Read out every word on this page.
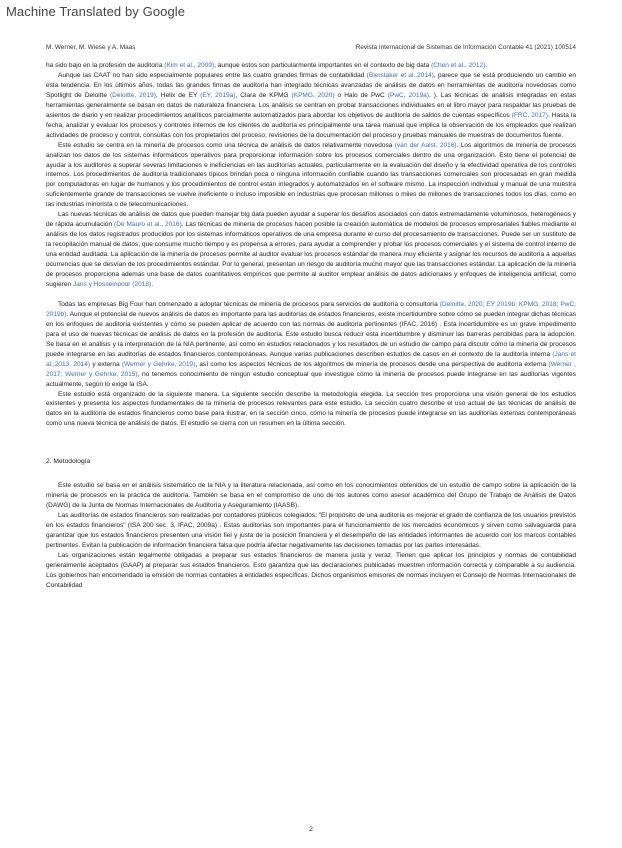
Machine Translated by Google
M. Werner, M. Wiese y A. Maas	Revista Internacional de Sistemas de Información Contable 41 (2021) 100514

ha sido bajo en la profesión de auditoría (Kim et al., 2009), aunque estos son particularmente importantes en el contexto de big data (Chen et al., 2012).

Aunque las CAAT no han sido especialmente populares entre las cuatro grandes firmas de contabilidad (Bierstaker et al.,2014), parece que se está produciendo un cambio en esta tendencia. En los últimos años, todas las grandes firmas de auditoría han integrado técnicas avanzadas de análisis de datos en herramientas de auditoría novedosas como Spotlight de Deloitte (Deloitte, 2019), Helix de EY (EY, 2019a), Clara de KPMG (KPMG, 2020) o Halo de PwC (PwC, 2019a). ). Las técnicas de análisis integradas en estas herramientas generalmente se basan en datos de naturaleza financiera. Los análisis se centran en probar transacciones individuales en el libro mayor para respaldar las pruebas de asientos de diario y en realizar procedimientos analíticos parcialmente automatizados para abordar los objetivos de auditoría de saldos de cuentas específicos (FRC, 2017). Hasta la fecha, analizar y evaluar los procesos y controles internos de los clientes de auditoría es principalmente una tarea manual que implica la observación de los empleados que realizan actividades de proceso y control, consultas con los propietarios del proceso, revisiones de la documentación del proceso y pruebas manuales de muestras de documentos fuente.

Este estudio se centra en la minería de procesos como una técnica de análisis de datos relativamente novedosa (van der Aalst, 2016). Los algoritmos de minería de procesos analizan los datos de los sistemas informáticos operativos para proporcionar información sobre los procesos comerciales dentro de una organización. Esto tiene el potencial de ayudar a los auditores a superar severas limitaciones e ineficiencias en las auditorías actuales, particularmente en la evaluación del diseño y la efectividad operativa de los controles internos. Los procedimientos de auditoría tradicionales típicos brindan poca o ninguna información confiable cuando las transacciones comerciales son procesadas en gran medida por computadoras en lugar de humanos y los procedimientos de control están integrados y automatizados en el software mismo. La inspección individual y manual de una muestra suficientemente grande de transacciones se vuelve ineficiente o incluso imposible en industrias que procesan millones o miles de millones de transacciones todos los días, como en las industrias minorista o de telecomunicaciones.

Las nuevas técnicas de análisis de datos que pueden manejar big data pueden ayudar a superar los desafíos asociados con datos extremadamente voluminosos, heterogéneos y de rápida acumulación (De Mauro et al., 2016). Las técnicas de minería de procesos hacen posible la creación automática de modelos de procesos empresariales fiables mediante el análisis de los datos registrados producidos por los sistemas informáticos operativos de una empresa durante el curso del procesamiento de transacciones. Puede ser un sustituto de la recopilación manual de datos, que consume mucho tiempo y es propensa a errores, para ayudar a comprender y probar los procesos comerciales y el sistema de control interno de una entidad auditada. La aplicación de la minería de procesos permite al auditor evaluar los procesos estándar de manera muy eficiente y asignar los recursos de auditoría a aquellas ocurrencias que se desvían de los procedimientos estándar. Por lo general, presentan un riesgo de auditoría mucho mayor que las transacciones estándar. La aplicación de la minería de procesos proporciona además una base de datos cuantitativos empíricos que permite al auditor emplear análisis de datos adicionales y enfoques de inteligencia artificial, como sugieren Jans y Hosseinpour (2018).

Todas las empresas Big Four han comenzado a adoptar técnicas de minería de procesos para servicios de auditoría o consultoría (Deloitte, 2020; EY 2019b; KPMG, 2018; PwC, 2019b). Aunque el potencial de nuevos análisis de datos es importante para las auditorías de estados financieros, existe incertidumbre sobre cómo se pueden integrar dichas técnicas en los enfoques de auditoría existentes y cómo se pueden aplicar de acuerdo con las normas de auditoría pertinentes (IFAC, 2016) . Esta incertidumbre es un grave impedimento para el uso de nuevas técnicas de análisis de datos en la profesión de auditoría. Este estudio busca reducir esta incertidumbre y disminuir las barreras percibidas para la adopción. Se basa en el análisis y la interpretación de la NIA pertinente, así como en estudios relacionados y los resultados de un estudio de campo para discutir cómo la minería de procesos puede integrarse en las auditorías de estados financieros contemporáneas. Aunque varias publicaciones describen estudios de casos en el contexto de la auditoría interna (Jans et al.,2013, 2014) y externa (Werner y Gehrke, 2019), así como los aspectos técnicos de los algoritmos de minería de procesos desde una perspectiva de auditoría externa (Werner , 2017; Werner y Gehrke, 2015), no tenemos conocimiento de ningún estudio conceptual que investigue cómo la minería de procesos puede integrarse en las auditorías vigentes actualmente, según lo exige la ISA.

Este estudio está organizado de la siguiente manera. La siguiente sección describe la metodología elegida. La sección tres proporciona una visión general de los estudios existentes y presenta los aspectos fundamentales de la minería de procesos relevantes para este estudio. La sección cuatro describe el uso actual de las técnicas de análisis de datos en la auditoría de estados financieros como base para ilustrar, en la sección cinco, cómo la minería de procesos puede integrarse en las auditorías externas contemporáneas como una nueva técnica de análisis de datos. El estudio se cierra con un resumen en la última sección.

2. Metodología

Este estudio se basa en el análisis sistemático de la NIA y la literatura relacionada, así como en los conocimientos obtenidos de un estudio de campo sobre la aplicación de la minería de procesos en la práctica de auditoría. También se basa en el compromiso de uno de los autores como asesor académico del Grupo de Trabajo de Análisis de Datos (DAWG) de la Junta de Normas Internacionales de Auditoría y Aseguramiento (IAASB).

Las auditorías de estados financieros son realizadas por contadores públicos colegiados: "El propósito de una auditoría es mejorar el grado de confianza de los usuarios previstos en los estados financieros" (ISA 200 sec. 3, IFAC, 2009a) . Estas auditorías son importantes para el funcionamiento de los mercados económicos y sirven como salvaguarda para garantizar que los estados financieros presenten una visión fiel y justa de la posición financiera y el desempeño de las entidades informantes de acuerdo con los marcos contables pertinentes. Evitan la publicación de información financiera falsa que podría afectar negativamente las decisiones tomadas por las partes interesadas.

Las organizaciones están legalmente obligadas a preparar sus estados financieros de manera justa y veraz. Tienen que aplicar los principios y normas de contabilidad generalmente aceptados (GAAP) al preparar sus estados financieros. Esto garantiza que las declaraciones publicadas muestren información correcta y comparable a su audiencia. Los gobiernos han encomendado la emisión de normas contables a entidades específicas. Dichos organismos emisores de normas incluyen el Consejo de Normas Internacionales de Contabilidad

2
